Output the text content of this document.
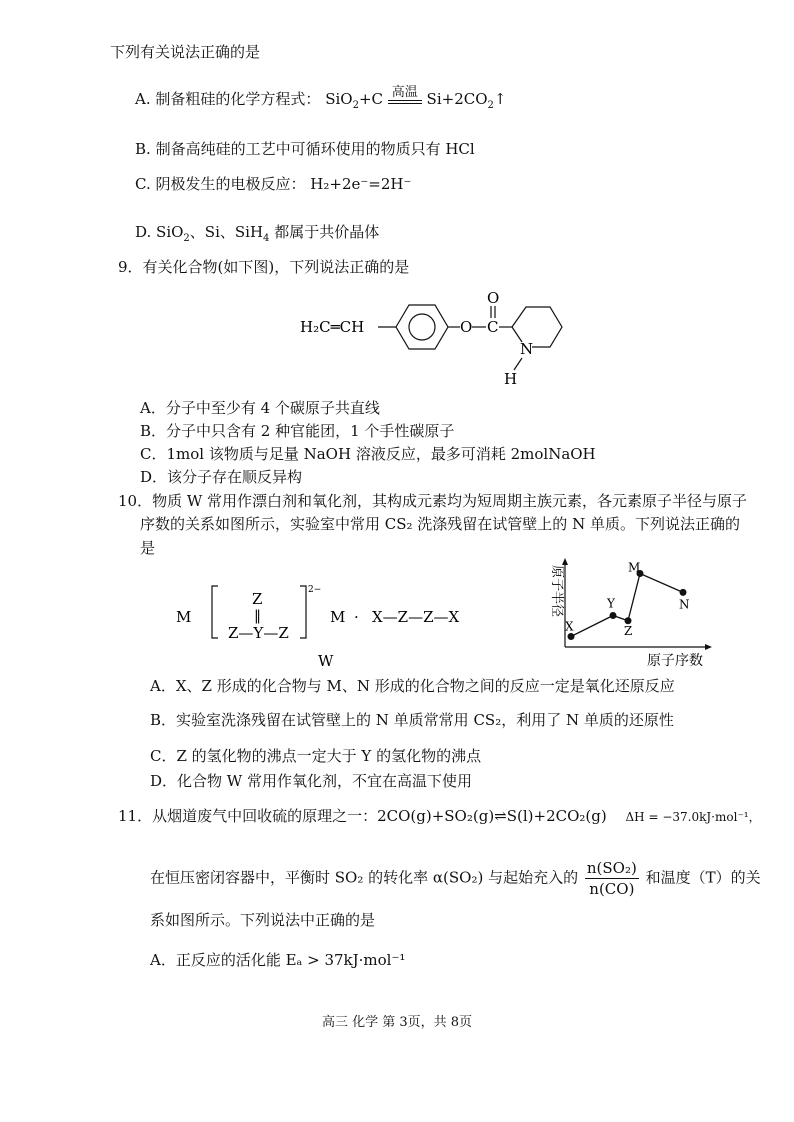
下列有关说法正确的是
A. 制备粗硅的化学方程式： SiO$_2$+C 高温 $Si+2CO_2↑$
B. 制备高纯硅的工艺中可循环使用的物质只有 HCl
C. 阴极发生的电极反应： H₂+2e⁻=2H⁻
D. SiO$_2$、Si、SiH$_4$ 都属于共价晶体
9．有关化合物(如下图)，下列说法正确的是
H₂C═CH	O C
O
N
H
A．分子中至少有 4 个碳原子共直线
B．分子中只含有 2 种官能团，1 个手性碳原子
C．1mol 该物质与足量 NaOH 溶液反应，最多可消耗 2molNaOH
D．该分子存在顺反异构
10．物质 W 常用作漂白剂和氧化剂，其构成元素均为短周期主族元素，各元素原子半径与原子
序数的关系如图所示，实验室中常用 CS₂ 洗涤残留在试管壁上的 N 单质。下列说法正确的
是
M
Z
‖
Z—Y—Z
2−
M · X—Z—Z—X
W
原子半径
原子序数
X
Y
Z
M
N
A．X、Z 形成的化合物与 M、N 形成的化合物之间的反应一定是氧化还原反应
B．实验室洗涤残留在试管壁上的 N 单质常常用 CS₂，利用了 N 单质的还原性
C．Z 的氢化物的沸点一定大于 Y 的氢化物的沸点
D．化合物 W 常用作氧化剂，不宜在高温下使用
11．从烟道废气中回收硫的原理之一：2CO(g)+SO₂(g)⇌S(l)+2CO₂(g) ΔH = −37.0kJ·mol⁻¹，
在恒压密闭容器中，平衡时 SO₂ 的转化率 α(SO₂) 与起始充入的 $\frac{\text{n(SO₂)}}{n(CO)}$ 和温度（T）的关
系如图所示。下列说法中正确的是
A．正反应的活化能 Eₐ > 37kJ·mol⁻¹
高三 化学 第 3页，共 8页
